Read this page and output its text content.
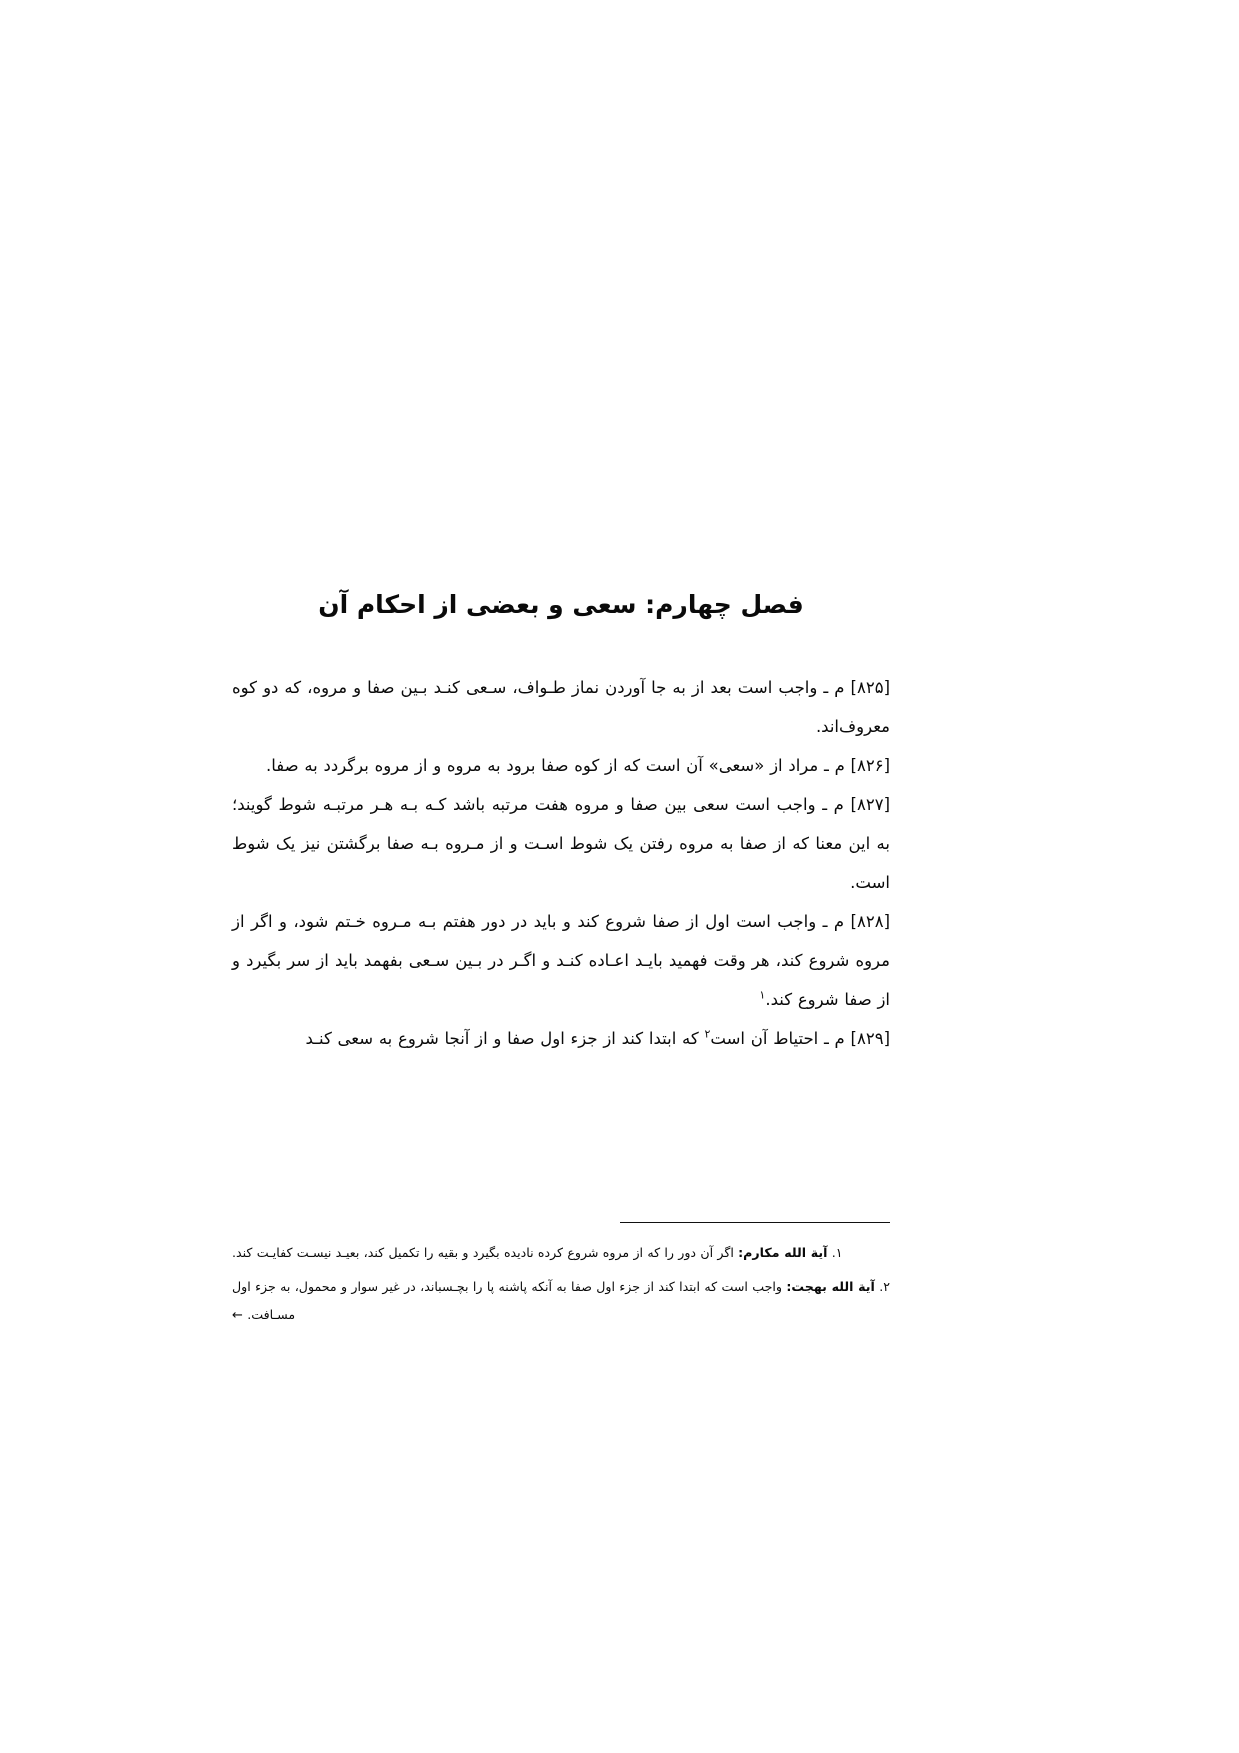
فصل چهارم: سعی و بعضی از احکام آن

[۸۲۵] م ـ واجب است بعد از به جا آوردن نماز طـواف، سـعی کنـد بـین صفا و مروه، که دو کوه معروف‌اند.

[۸۲۶] م ـ مراد از «سعی» آن است که از کوه صفا برود به مروه و از مروه برگردد به صفا.

[۸۲۷] م ـ واجب است سعی بین صفا و مروه هفت مرتبه باشد کـه بـه هـر مرتبـه شوط گویند؛ به این معنا که از صفا به مروه رفتن یک شوط اسـت و از مـروه بـه صفا برگشتن نیز یک شوط است.

[۸۲۸] م ـ واجب است اول از صفا شروع کند و باید در دور هفتم بـه مـروه خـتم شود، و اگر از مروه شروع کند، هر وقت فهمید بایـد اعـاده کنـد و اگـر در بـین سـعی بفهمد باید از سر بگیرد و از صفا شروع کند.$^۱$

[۸۲۹] م ـ احتیاط آن است$^۲$ که ابتدا کند از جزء اول صفا و از آنجا شروع به سعی کنـد

۱. آیة الله مکارم: اگر آن دور را که از مروه شروع کرده نادیده بگیرد و بقیه را تکمیل کند، بعیـد نیسـت کفایـت کند.

۲. آیة الله بهجت: واجب است که ابتدا کند از جزء اول صفا به آنکه پاشنه پا را بچـسباند، در غیر سوار و محمول، به جزء اول مسـافت. ←
